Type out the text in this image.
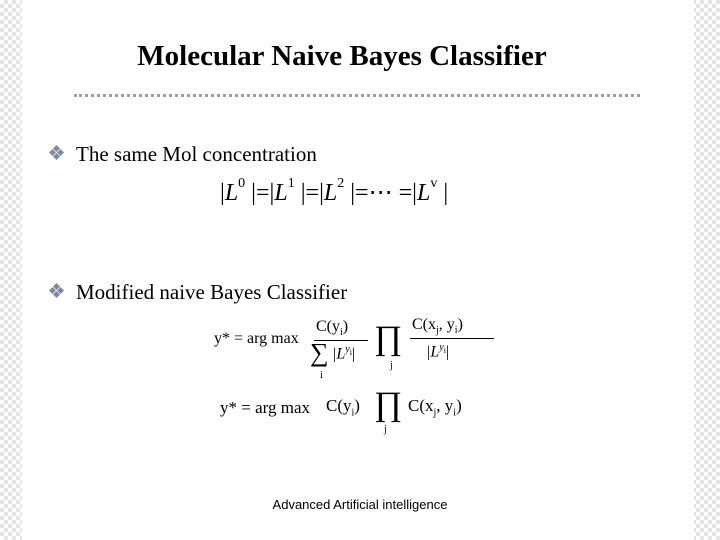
Molecular Naive Bayes Classifier
The same Mol concentration
$|L^0$ $|=|L^1$ $|=|L^2$ |=⋯ $=|L^v$ |
Modified naive Bayes Classifier
y* = arg max
$C(y_i)$
∑
i
$|L^{y_i}|$ ∏
j
$C(x_j$, $y_i$)
$|L^{y_i}|$
y* = arg $\max C(y_i)$ ∏
j
$C(x_j$, $y_i$)
Advanced Artificial intelligence
